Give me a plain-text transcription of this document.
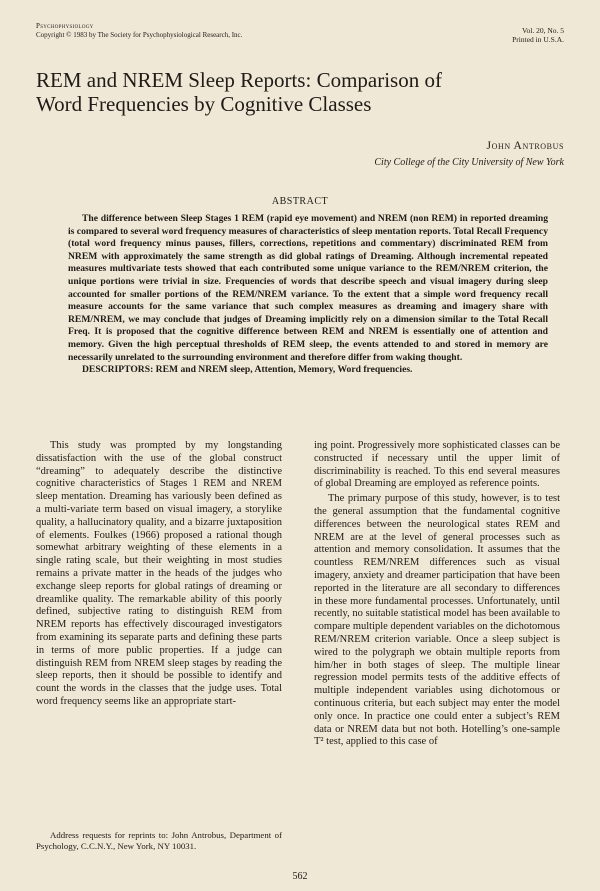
Psychophysiology
Copyright © 1983 by The Society for Psychophysiological Research, Inc.	Vol. 20, No. 5
Printed in U.S.A.
REM and NREM Sleep Reports: Comparison of
Word Frequencies by Cognitive Classes
John Antrobus
City College of the City University of New York
ABSTRACT

The difference between Sleep Stages 1 REM (rapid eye movement) and NREM (non REM) in reported dreaming is compared to several word frequency measures of characteristics of sleep mentation reports. Total Recall Frequency (total word frequency minus pauses, fillers, corrections, repetitions and commentary) discriminated REM from NREM with approximately the same strength as did global ratings of Dreaming. Although incremental repeated measures multivariate tests showed that each contributed some unique variance to the REM/NREM criterion, the unique portions were trivial in size. Frequencies of words that describe speech and visual imagery during sleep accounted for smaller portions of the REM/NREM variance. To the extent that a simple word frequency recall measure accounts for the same variance that such complex measures as dreaming and imagery share with REM/NREM, we may conclude that judges of Dreaming implicitly rely on a dimension similar to the Total Recall Freq. It is proposed that the cognitive difference between REM and NREM is essentially one of attention and memory. Given the high perceptual thresholds of REM sleep, the events attended to and stored in memory are necessarily unrelated to the surrounding environment and therefore differ from waking thought.

DESCRIPTORS: REM and NREM sleep, Attention, Memory, Word frequencies.

This study was prompted by my longstanding dissatisfaction with the use of the global construct “dreaming” to adequately describe the distinctive cognitive characteristics of Stages 1 REM and NREM sleep mentation. Dreaming has variously been defined as a multi-variate term based on visual imagery, a storylike quality, a hallucinatory quality, and a bizarre juxtaposition of elements. Foulkes (1966) proposed a rational though somewhat arbitrary weighting of these elements in a single rating scale, but their weighting in most studies remains a private matter in the heads of the judges who exchange sleep reports for global ratings of dreaming or dreamlike quality. The remarkable ability of this poorly defined, subjective rating to distinguish REM from NREM reports has effectively discouraged investigators from examining its separate parts and defining these parts in terms of more public properties. If a judge can distinguish REM from NREM sleep stages by reading the sleep reports, then it should be possible to identify and count the words in the classes that the judge uses. Total word frequency seems like an appropriate start-

ing point. Progressively more sophisticated classes can be constructed if necessary until the upper limit of discriminability is reached. To this end several measures of global Dreaming are employed as reference points.

The primary purpose of this study, however, is to test the general assumption that the fundamental cognitive differences between the neurological states REM and NREM are at the level of general processes such as attention and memory consolidation. It assumes that the countless REM/NREM differences such as visual imagery, anxiety and dreamer participation that have been reported in the literature are all secondary to differences in these more fundamental processes. Unfortunately, until recently, no suitable statistical model has been available to compare multiple dependent variables on the dichotomous REM/NREM criterion variable. Once a sleep subject is wired to the polygraph we obtain multiple reports from him/her in both stages of sleep. The multiple linear regression model permits tests of the additive effects of multiple independent variables using dichotomous or continuous criteria, but each subject may enter the model only once. In practice one could enter a subject’s REM data or NREM data but not both. Hotelling’s one-sample T² test, applied to this case of

Address requests for reprints to: John Antrobus, Department of Psychology, C.C.N.Y., New York, NY 10031.

562
